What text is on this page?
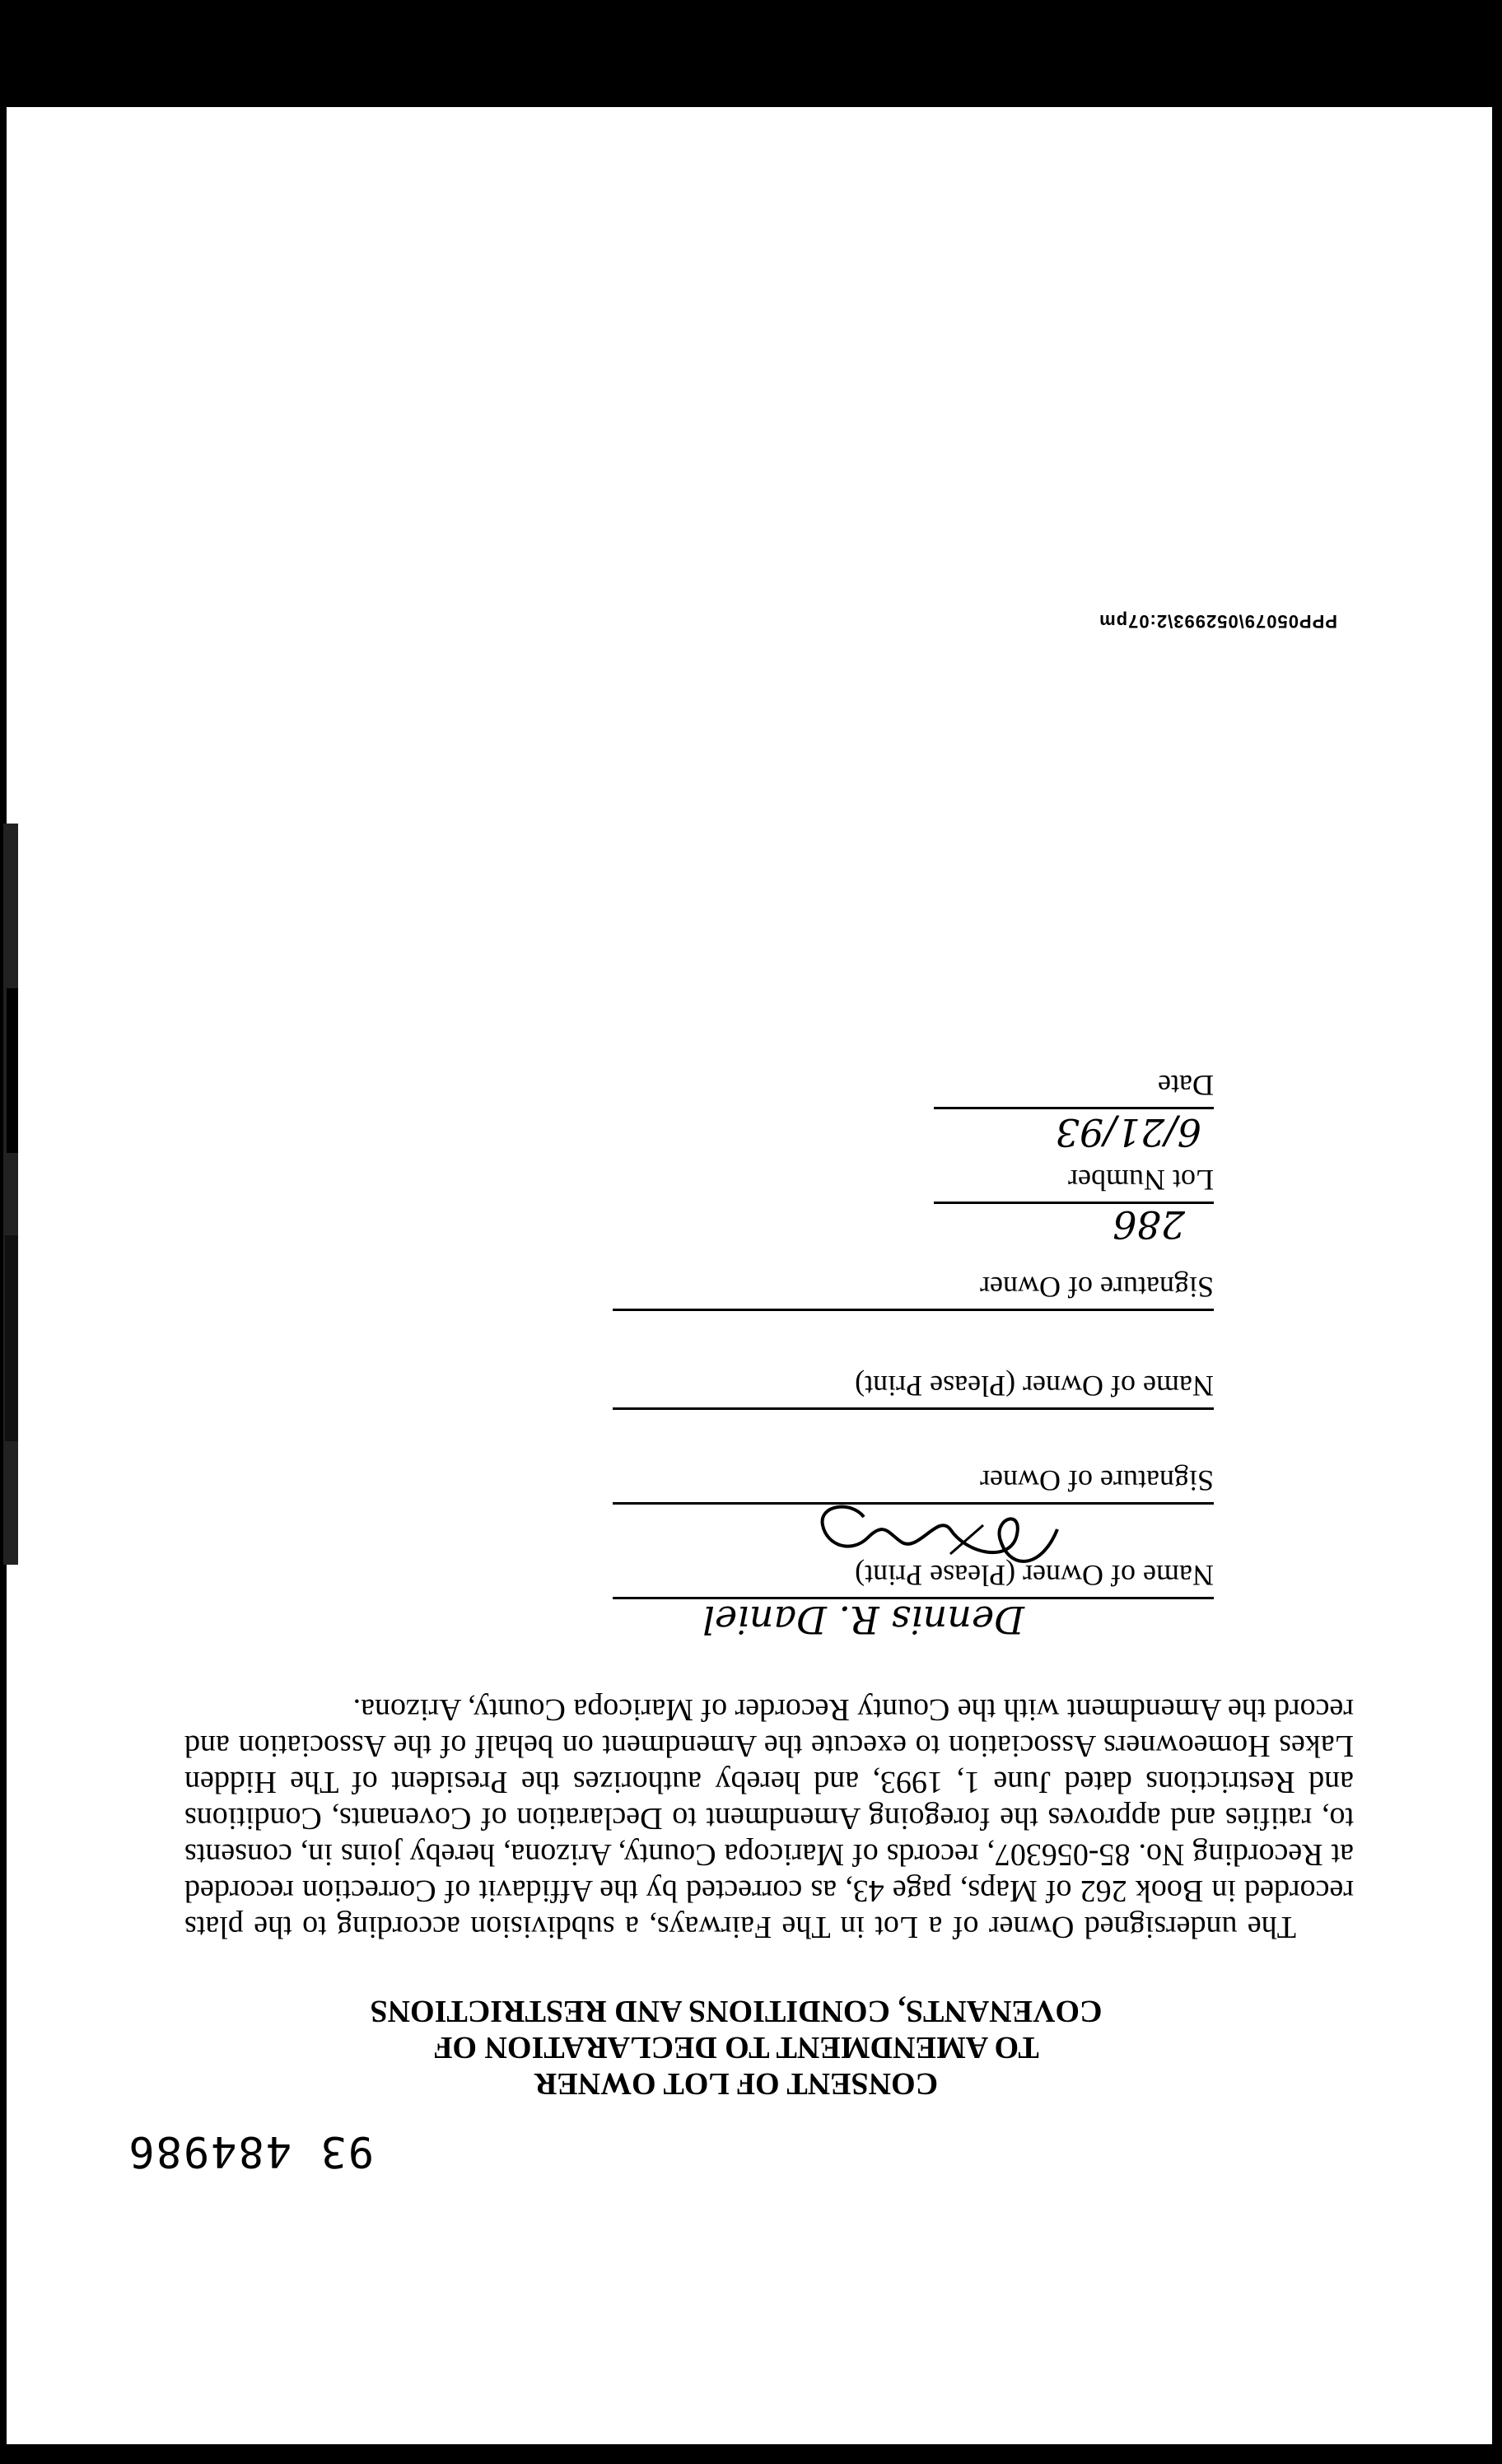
93 484986
CONSENT OF LOT OWNER
TO AMENDMENT TO DECLARATION OF
COVENANTS, CONDITIONS AND RESTRICTIONS

The undersigned Owner of a Lot in The Fairways, a subdivision according to the plats recorded in Book 262 of Maps, page 43, as corrected by the Affidavit of Correction recorded at Recording No. 85-056307, records of Maricopa County, Arizona, hereby joins in, consents to, ratifies and approves the foregoing Amendment to Declaration of Covenants, Conditions and Restrictions dated June 1, 1993, and hereby authorizes the President of The Hidden Lakes Homeowners Association to execute the Amendment on behalf of the Association and record the Amendment with the County Recorder of Maricopa County, Arizona.

Dennis R. Daniel
Name of Owner (Please Print)
Signature of Owner
Name of Owner (Please Print)
Signature of Owner
286
Lot Number
6/21/93
Date
PPP05079\052993\2:07pm
